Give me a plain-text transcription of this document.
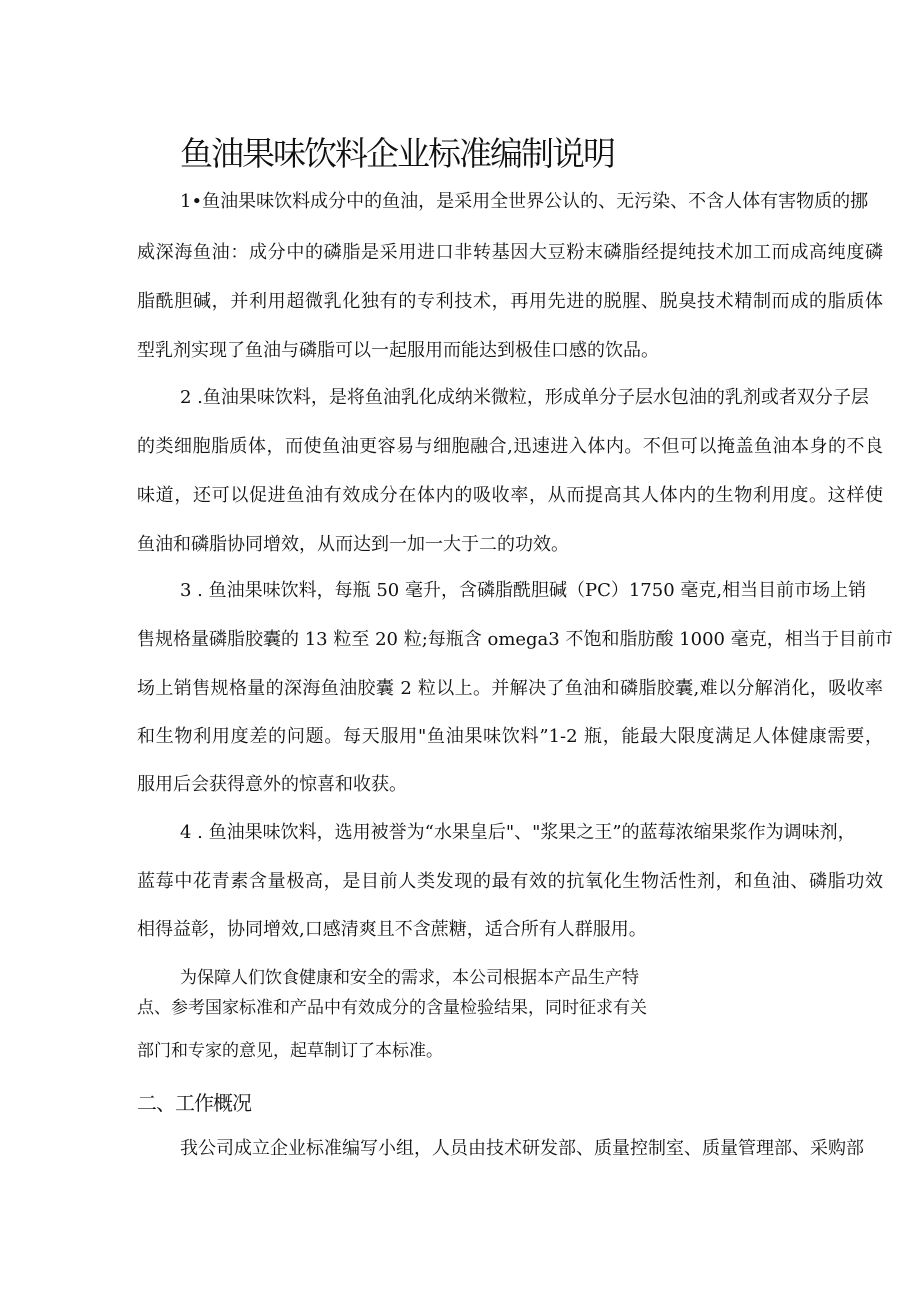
鱼油果味饮料企业标准编制说明
1•鱼油果味饮料成分中的鱼油，是采用全世界公认的、无污染、不含人体有害物质的挪
威深海鱼油：成分中的磷脂是采用进口非转基因大豆粉末磷脂经提纯技术加工而成高纯度磷
脂酰胆碱，并利用超微乳化独有的专利技术，再用先进的脱腥、脱臭技术精制而成的脂质体
型乳剂实现了鱼油与磷脂可以一起服用而能达到极佳口感的饮品。
2 .鱼油果味饮料，是将鱼油乳化成纳米微粒，形成单分子层水包油的乳剂或者双分子层
的类细胞脂质体，而使鱼油更容易与细胞融合,迅速进入体内。不但可以掩盖鱼油本身的不良
味道，还可以促进鱼油有效成分在体内的吸收率，从而提高其人体内的生物利用度。这样使
鱼油和磷脂协同增效，从而达到一加一大于二的功效。
3 . 鱼油果味饮料，每瓶 50 毫升，含磷脂酰胆碱（PC）1750 毫克,相当目前市场上销
售规格量磷脂胶囊的 13 粒至 20 粒;每瓶含 omega3 不饱和脂肪酸 1000 毫克，相当于目前市
场上销售规格量的深海鱼油胶囊 2 粒以上。并解决了鱼油和磷脂胶囊,难以分解消化，吸收率
和生物利用度差的问题。每天服用"鱼油果味饮料”1-2 瓶，能最大限度满足人体健康需要，
服用后会获得意外的惊喜和收获。
4 . 鱼油果味饮料，选用被誉为“水果皇后"、"浆果之王”的蓝莓浓缩果浆作为调味剂，
蓝莓中花青素含量极高，是目前人类发现的最有效的抗氧化生物活性剂，和鱼油、磷脂功效
相得益彰，协同增效,口感清爽且不含蔗糖，适合所有人群服用。
为保障人们饮食健康和安全的需求，本公司根据本产品生产特
点、参考国家标准和产品中有效成分的含量检验结果，同时征求有关
部门和专家的意见，起草制订了本标准。
二、工作概况
我公司成立企业标准编写小组，人员由技术研发部、质量控制室、质量管理部、采购部
